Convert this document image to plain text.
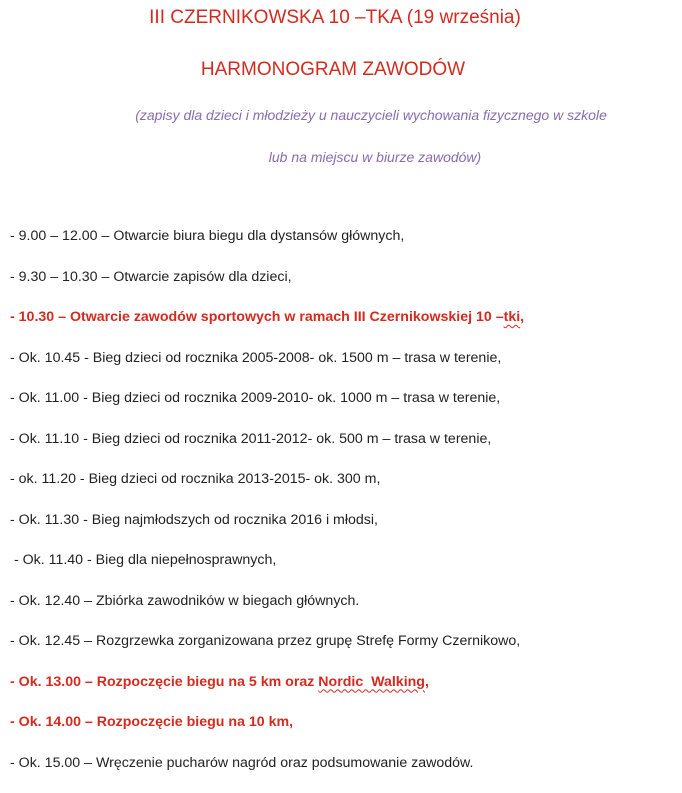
III CZERNIKOWSKA 10 –TKA (19 września)
HARMONOGRAM ZAWODÓW
(zapisy dla dzieci i młodzieży u nauczycieli wychowania fizycznego w szkole
lub na miejscu w biurze zawodów)
- 9.00 – 12.00 – Otwarcie biura biegu dla dystansów głównych,
- 9.30 – 10.30 – Otwarcie zapisów dla dzieci,
- 10.30 – Otwarcie zawodów sportowych w ramach III Czernikowskiej 10 –tki,
- Ok. 10.45 - Bieg dzieci od rocznika 2005-2008- ok. 1500 m – trasa w terenie,
- Ok. 11.00 - Bieg dzieci od rocznika 2009-2010- ok. 1000 m – trasa w terenie,
- Ok. 11.10 - Bieg dzieci od rocznika 2011-2012- ok. 500 m – trasa w terenie,
- ok. 11.20 - Bieg dzieci od rocznika 2013-2015- ok. 300 m,
- Ok. 11.30 - Bieg najmłodszych od rocznika 2016 i młodsi,
- Ok. 11.40 - Bieg dla niepełnosprawnych,
- Ok. 12.40 – Zbiórka zawodników w biegach głównych.
- Ok. 12.45 – Rozgrzewka zorganizowana przez grupę Strefę Formy Czernikowo,
- Ok. 13.00 – Rozpoczęcie biegu na 5 km oraz Nordic  Walking,
- Ok. 14.00 – Rozpoczęcie biegu na 10 km,
- Ok. 15.00 – Wręczenie pucharów nagród oraz podsumowanie zawodów.
